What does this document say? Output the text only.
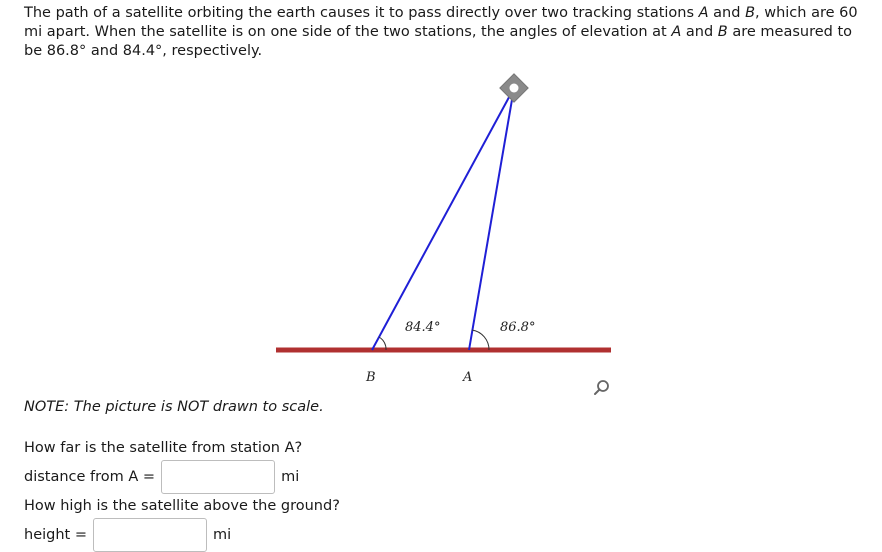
The path of a satellite orbiting the earth causes it to pass directly over two tracking stations A and B, which are 60 mi apart. When the satellite is on one side of the two stations, the angles of elevation at A and B are measured to be 86.8° and 84.4°, respectively.

84.4°	86.8°
B	A

NOTE: The picture is NOT drawn to scale.

How far is the satellite from station A?

distance from A =	mi

How high is the satellite above the ground?

height =	mi
